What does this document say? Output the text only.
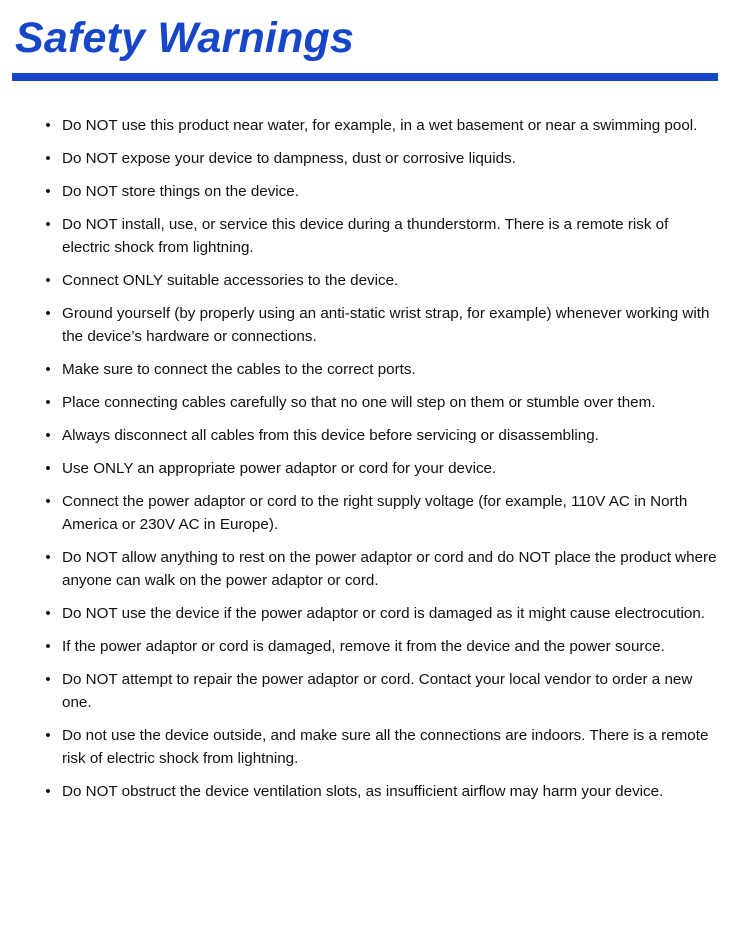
Safety Warnings
• Do NOT use this product near water, for example, in a wet basement or near a swimming pool.
• Do NOT expose your device to dampness, dust or corrosive liquids.
• Do NOT store things on the device.
• Do NOT install, use, or service this device during a thunderstorm. There is a remote risk of electric shock from lightning.
• Connect ONLY suitable accessories to the device.
• Ground yourself (by properly using an anti-static wrist strap, for example) whenever working with the device’s hardware or connections.
• Make sure to connect the cables to the correct ports.
• Place connecting cables carefully so that no one will step on them or stumble over them.
• Always disconnect all cables from this device before servicing or disassembling.
• Use ONLY an appropriate power adaptor or cord for your device.
• Connect the power adaptor or cord to the right supply voltage (for example, 110V AC in North America or 230V AC in Europe).
• Do NOT allow anything to rest on the power adaptor or cord and do NOT place the product where anyone can walk on the power adaptor or cord.
• Do NOT use the device if the power adaptor or cord is damaged as it might cause electrocution.
• If the power adaptor or cord is damaged, remove it from the device and the power source.
• Do NOT attempt to repair the power adaptor or cord. Contact your local vendor to order a new one.
• Do not use the device outside, and make sure all the connections are indoors. There is a remote risk of electric shock from lightning.
• Do NOT obstruct the device ventilation slots, as insufficient airflow may harm your device.
